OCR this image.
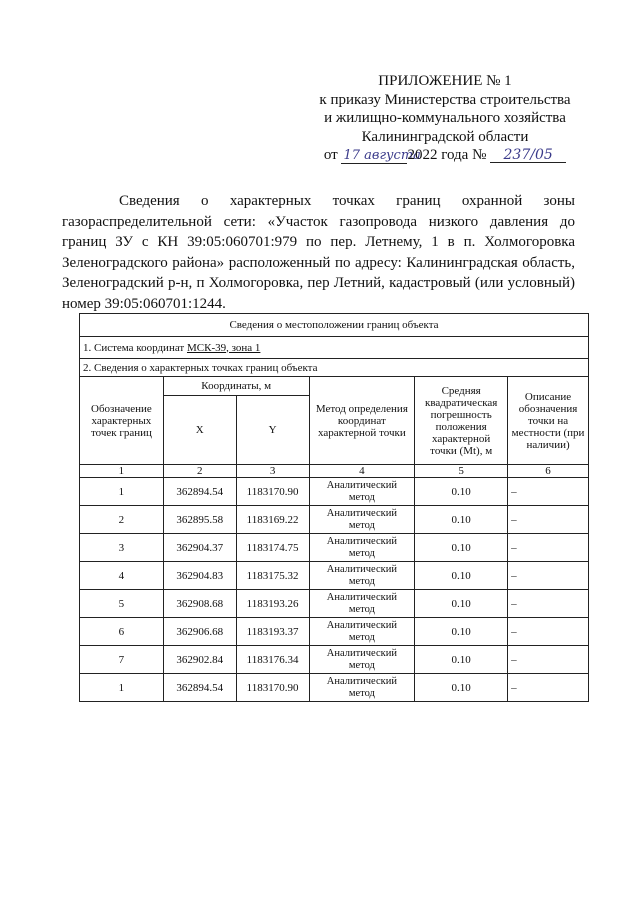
ПРИЛОЖЕНИЕ № 1
к приказу Министерства строительства
и жилищно-коммунального хозяйства
Калининградской области
от 17 августа2022 года № 237/05
Сведения о характерных точках границ охранной зоны газораспределительной сети: «Участок газопровода низкого давления до границ ЗУ с КН 39:05:060701:979 по пер. Летнему, 1 в п. Холмогоровка Зеленоградского района» расположенный по адресу: Калининградская область, Зеленоградский р-н, п Холмогоровка, пер Летний, кадастровый (или условный) номер 39:05:060701:1244.
Сведения о местоположении границ объекта					
1. Система координат МСК-39, зона 1					
2. Сведения о характерных точках границ объекта					
Обозначение характерных точек границ	Координаты, м		Метод определения координат характерной точки	Средняя квадратическая погрешность положения характерной точки (Mt), м	Описание обозначения точки на местности (при наличии)
	X	Y			
1	2	3	4	5	6
1	362894.54	1183170.90	Аналитический метод	0.10	–
2	362895.58	1183169.22	Аналитический метод	0.10	–
3	362904.37	1183174.75	Аналитический метод	0.10	–
4	362904.83	1183175.32	Аналитический метод	0.10	–
5	362908.68	1183193.26	Аналитический метод	0.10	–
6	362906.68	1183193.37	Аналитический метод	0.10	–
7	362902.84	1183176.34	Аналитический метод	0.10	–
1	362894.54	1183170.90	Аналитический метод	0.10	–
